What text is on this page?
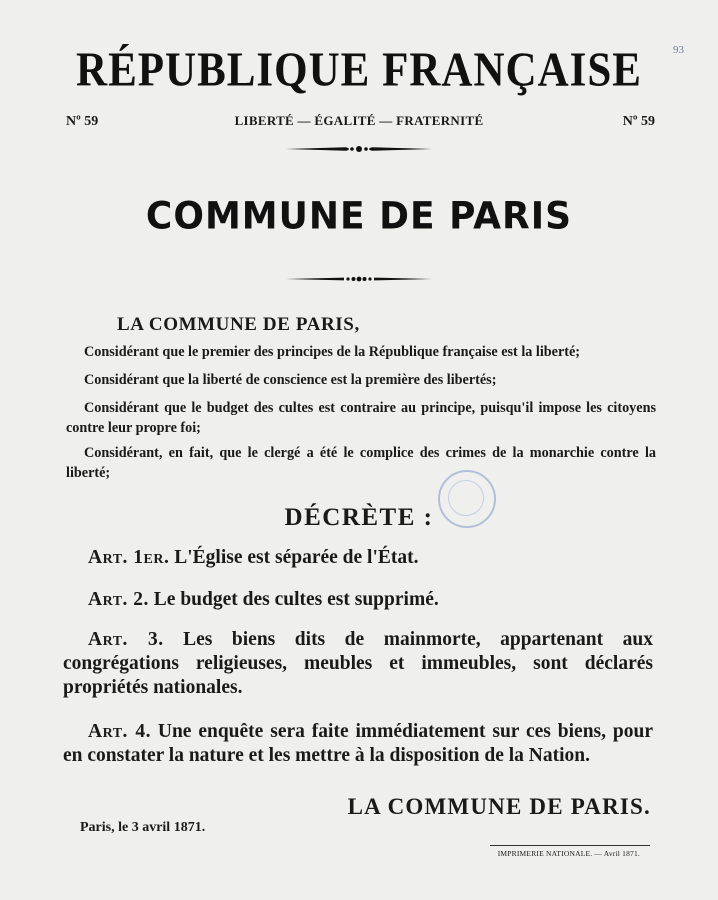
93
RÉPUBLIQUE FRANÇAISE
Nº 59	LIBERTÉ — ÉGALITÉ — FRATERNITÉ	Nº 59
COMMUNE DE PARIS
LA COMMUNE DE PARIS,
Considérant que le premier des principes de la République française est la liberté;
Considérant que la liberté de conscience est la première des libertés;
Considérant que le budget des cultes est contraire au principe, puisqu'il impose les citoyens contre leur propre foi;
Considérant, en fait, que le clergé a été le complice des crimes de la monarchie contre la liberté;
DÉCRÈTE :
Art. 1er. L'Église est séparée de l'État.
Art. 2. Le budget des cultes est supprimé.
Art. 3. Les biens dits de mainmorte, appartenant aux congrégations religieuses, meubles et immeubles, sont déclarés propriétés nationales.
Art. 4. Une enquête sera faite immédiatement sur ces biens, pour en constater la nature et les mettre à la disposition de la Nation.
LA COMMUNE DE PARIS.
Paris, le 3 avril 1871.
IMPRIMERIE NATIONALE. — Avril 1871.
